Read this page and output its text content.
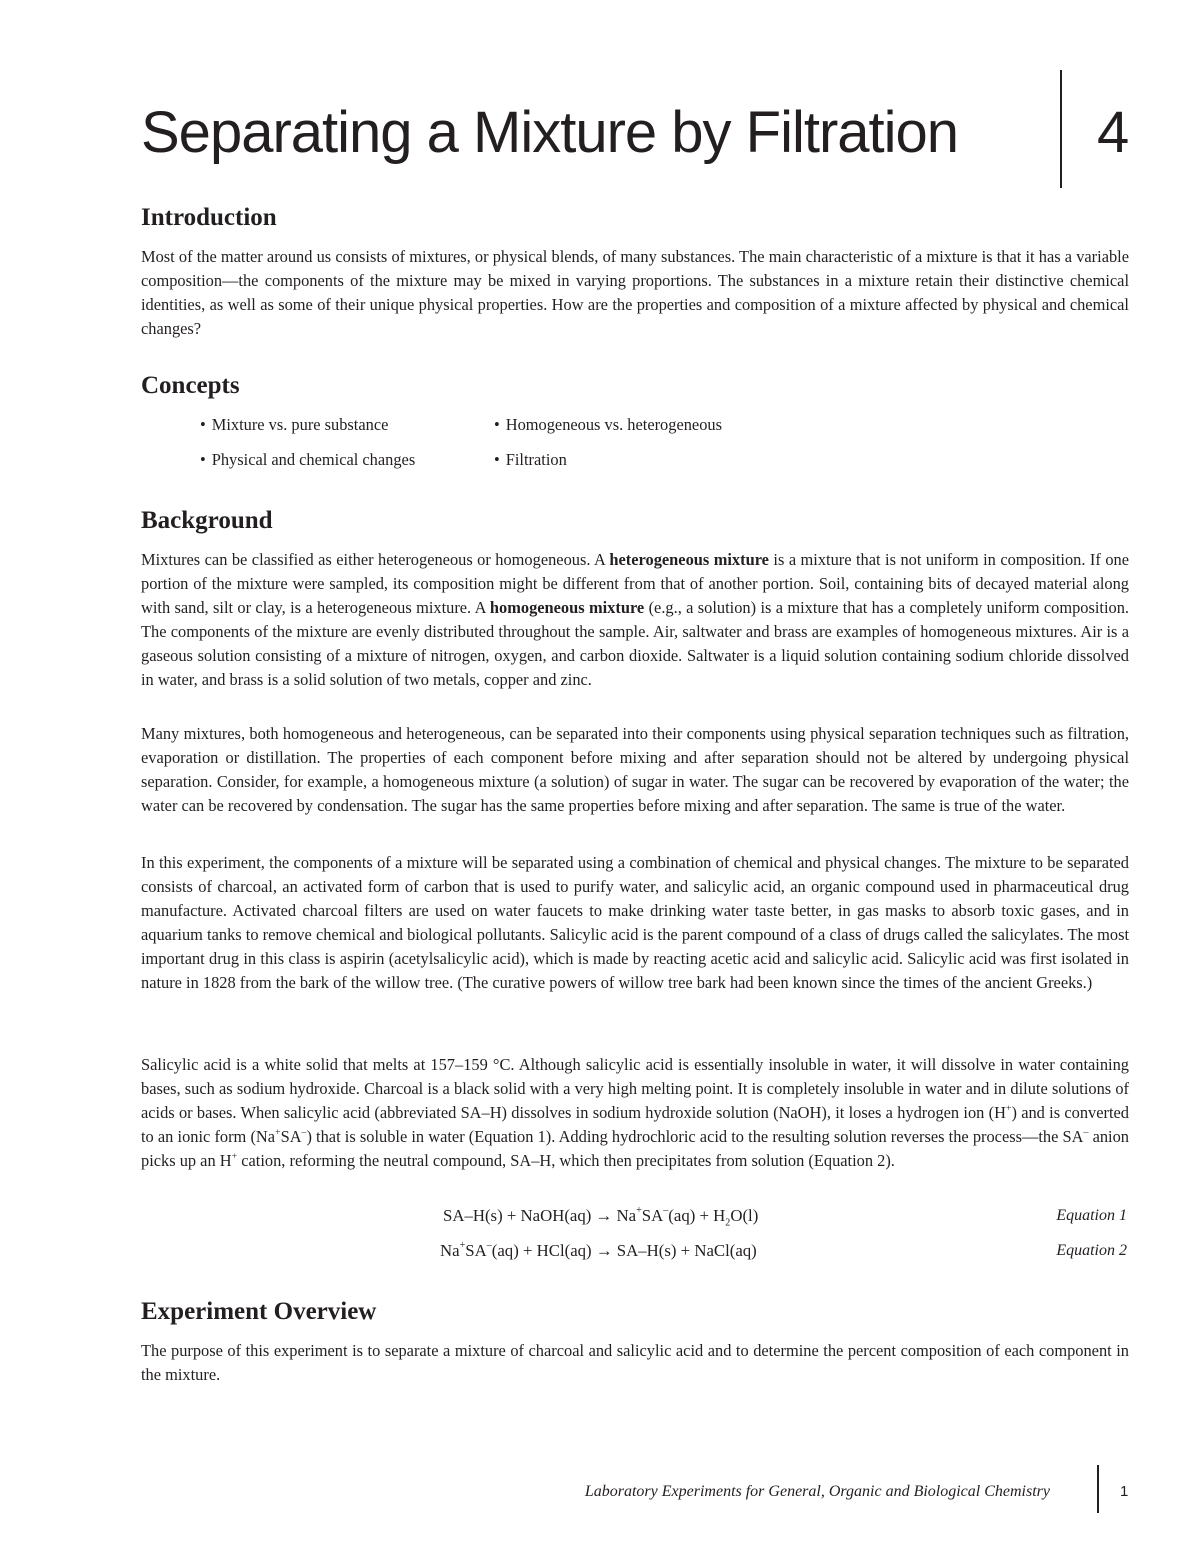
Separating a Mixture by Filtration 4
Introduction

Most of the matter around us consists of mixtures, or physical blends, of many substances. The main characteristic of a mixture is that it has a variable composition—the components of the mixture may be mixed in varying proportions. The substances in a mixture retain their distinctive chemical identities, as well as some of their unique physical properties. How are the properties and composition of a mixture affected by physical and chemical changes?

Concepts
• Mixture vs. pure substance	• Homogeneous vs. heterogeneous
• Physical and chemical changes	• Filtration
Background

Mixtures can be classified as either heterogeneous or homogeneous. A heterogeneous mixture is a mixture that is not uniform in composition. If one portion of the mixture were sampled, its composition might be different from that of another portion. Soil, containing bits of decayed material along with sand, silt or clay, is a heterogeneous mixture. A homogeneous mixture (e.g., a solution) is a mixture that has a completely uniform composition. The components of the mixture are evenly distributed throughout the sample. Air, saltwater and brass are examples of homogeneous mixtures. Air is a gaseous solution consisting of a mixture of nitrogen, oxygen, and carbon dioxide. Saltwater is a liquid solution containing sodium chloride dissolved in water, and brass is a solid solution of two metals, copper and zinc.

Many mixtures, both homogeneous and heterogeneous, can be separated into their components using physical separation techniques such as filtration, evaporation or distillation. The properties of each component before mixing and after separation should not be altered by undergoing physical separation. Consider, for example, a homogeneous mixture (a solution) of sugar in water. The sugar can be recovered by evaporation of the water; the water can be recovered by condensation. The sugar has the same properties before mixing and after separation. The same is true of the water.

In this experiment, the components of a mixture will be separated using a combination of chemical and physical changes. The mixture to be separated consists of charcoal, an activated form of carbon that is used to purify water, and salicylic acid, an organic compound used in pharmaceutical drug manufacture. Activated charcoal filters are used on water faucets to make drinking water taste better, in gas masks to absorb toxic gases, and in aquarium tanks to remove chemical and biological pollutants. Salicylic acid is the parent compound of a class of drugs called the salicylates. The most important drug in this class is aspirin (acetylsalicylic acid), which is made by reacting acetic acid and salicylic acid. Salicylic acid was first isolated in nature in 1828 from the bark of the willow tree. (The curative powers of willow tree bark had been known since the times of the ancient Greeks.)

Salicylic acid is a white solid that melts at 157–159 °C. Although salicylic acid is essentially insoluble in water, it will dissolve in water containing bases, such as sodium hydroxide. Charcoal is a black solid with a very high melting point. It is completely insoluble in water and in dilute solutions of acids or bases. When salicylic acid (abbreviated SA–H) dissolves in sodium hydroxide solution (NaOH), it loses a hydrogen ion (H+) and is converted to an ionic form (Na+SA–) that is soluble in water (Equation 1). Adding hydrochloric acid to the resulting solution reverses the process—the SA– anion picks up an H+ cation, reforming the neutral compound, SA–H, which then precipitates from solution (Equation 2).

SA–H(s) + NaOH(aq) → $Na^+SA^-(aq) + H_2O(l)$	Equation 1
Na+SA–(aq) + HCl(aq) → SA–H(s) + NaCl(aq)	Equation 2
Experiment Overview

The purpose of this experiment is to separate a mixture of charcoal and salicylic acid and to determine the percent composition of each component in the mixture.

Laboratory Experiments for General, Organic and Biological Chemistry	1
